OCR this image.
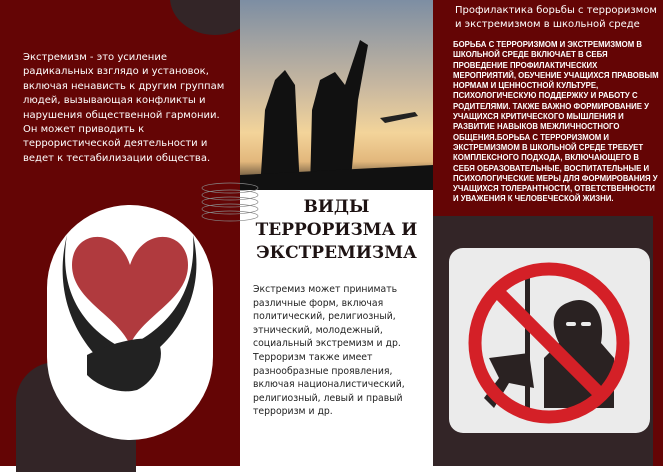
Экстремизм - это усиление радикальных взглядо и установок, включая ненависть к другим группам людей, вызывающая конфликты и нарушения общественной гармонии. Он может приводить к террористической деятельности и ведет к тестабилизации общества.

ВИДЫ ТЕРРОРИЗМА И ЭКСТРЕМИЗМА

Экстремиз может принимать различные форм, включая политический, религиозный, этнический, молодежный, социальный экстремизм и др.

Терроризм также имеет разнообразные проявления, включая националистический, религиозный, левый и правый терроризм и др.

Профилактика борьбы с терроризмом и экстремизмом в школьной среде

БОРЬБА С ТЕРРОРИЗМОМ И ЭКСТРЕМИЗМОМ В ШКОЛЬНОЙ СРЕДЕ ВКЛЮЧАЕТ В СЕБЯ ПРОВЕДЕНИЕ ПРОФИЛАКТИЧЕСКИХ МЕРОПРИЯТИЙ, ОБУЧЕНИЕ УЧАЩИХСЯ ПРАВОВЫМ НОРМАМ И ЦЕННОСТНОЙ КУЛЬТУРЕ, ПСИХОЛОГИЧЕСКУЮ ПОДДЕРЖКУ И РАБОТУ С РОДИТЕЛЯМИ. ТАКЖЕ ВАЖНО ФОРМИРОВАНИЕ У УЧАЩИХСЯ КРИТИЧЕСКОГО МЫШЛЕНИЯ И РАЗВИТИЕ НАВЫКОВ МЕЖЛИЧНОСТНОГО ОБЩЕНИЯ.БОРЬБА С ТЕРРОРИЗМОМ И ЭКСТРЕМИЗМОМ В ШКОЛЬНОЙ СРЕДЕ ТРЕБУЕТ КОМПЛЕКСНОГО ПОДХОДА, ВКЛЮЧАЮЩЕГО В СЕБЯ ОБРАЗОВАТЕЛЬНЫЕ, ВОСПИТАТЕЛЬНЫЕ И ПСИХОЛОГИЧЕСКИЕ МЕРЫ ДЛЯ ФОРМИРОВАНИЯ У УЧАЩИХСЯ ТОЛЕРАНТНОСТИ, ОТВЕТСТВЕННОСТИ И УВАЖЕНИЯ К ЧЕЛОВЕЧЕСКОЙ ЖИЗНИ.
